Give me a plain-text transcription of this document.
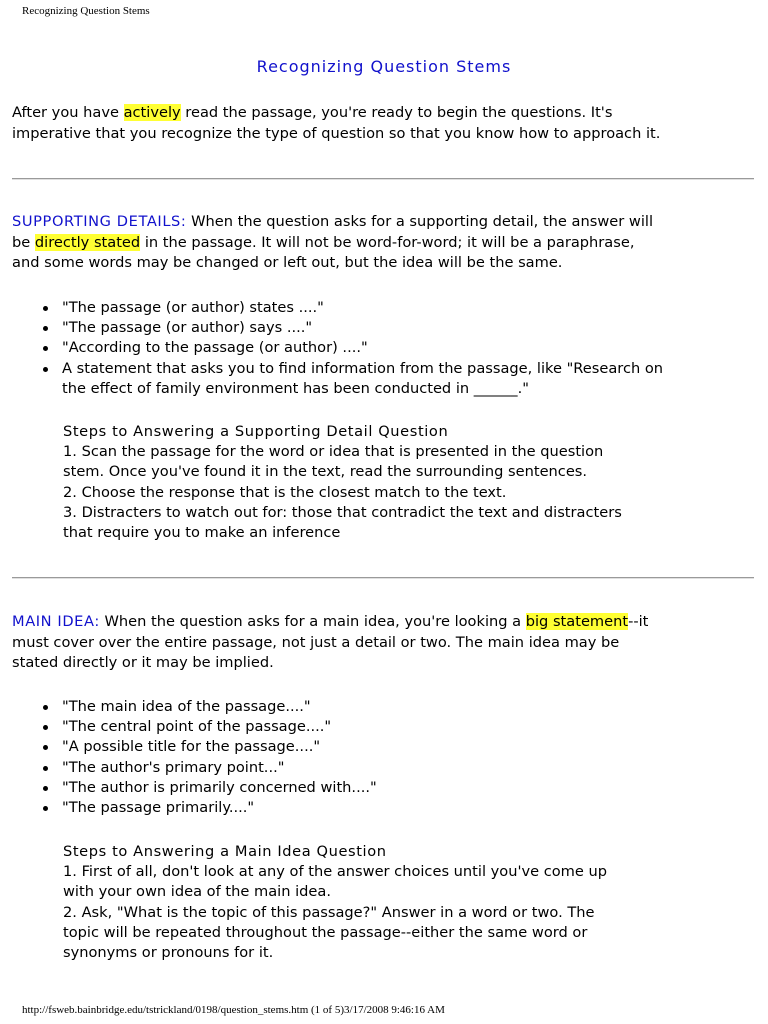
Recognizing Question Stems
Recognizing Question Stems
After you have actively read the passage, you're ready to begin the questions. It's
imperative that you recognize the type of question so that you know how to approach it.
SUPPORTING DETAILS: When the question asks for a supporting detail, the answer will
be directly stated in the passage. It will not be word-for-word; it will be a paraphrase,
and some words may be changed or left out, but the idea will be the same.
"The passage (or author) states ...."
"The passage (or author) says ...."
"According to the passage (or author) ...."
A statement that asks you to find information from the passage, like "Research on
the effect of family environment has been conducted in ______."
Steps to Answering a Supporting Detail Question
1. Scan the passage for the word or idea that is presented in the question
stem. Once you've found it in the text, read the surrounding sentences.
2. Choose the response that is the closest match to the text.
3. Distracters to watch out for: those that contradict the text and distracters
that require you to make an inference
MAIN IDEA: When the question asks for a main idea, you're looking a big statement--it
must cover over the entire passage, not just a detail or two. The main idea may be
stated directly or it may be implied.
"The main idea of the passage...."
"The central point of the passage...."
"A possible title for the passage...."
"The author's primary point..."
"The author is primarily concerned with...."
"The passage primarily...."
Steps to Answering a Main Idea Question
1. First of all, don't look at any of the answer choices until you've come up
with your own idea of the main idea.
2. Ask, "What is the topic of this passage?" Answer in a word or two. The
topic will be repeated throughout the passage--either the same word or
synonyms or pronouns for it.
http://fsweb.bainbridge.edu/tstrickland/0198/question_stems.htm (1 of 5)3/17/2008 9:46:16 AM
